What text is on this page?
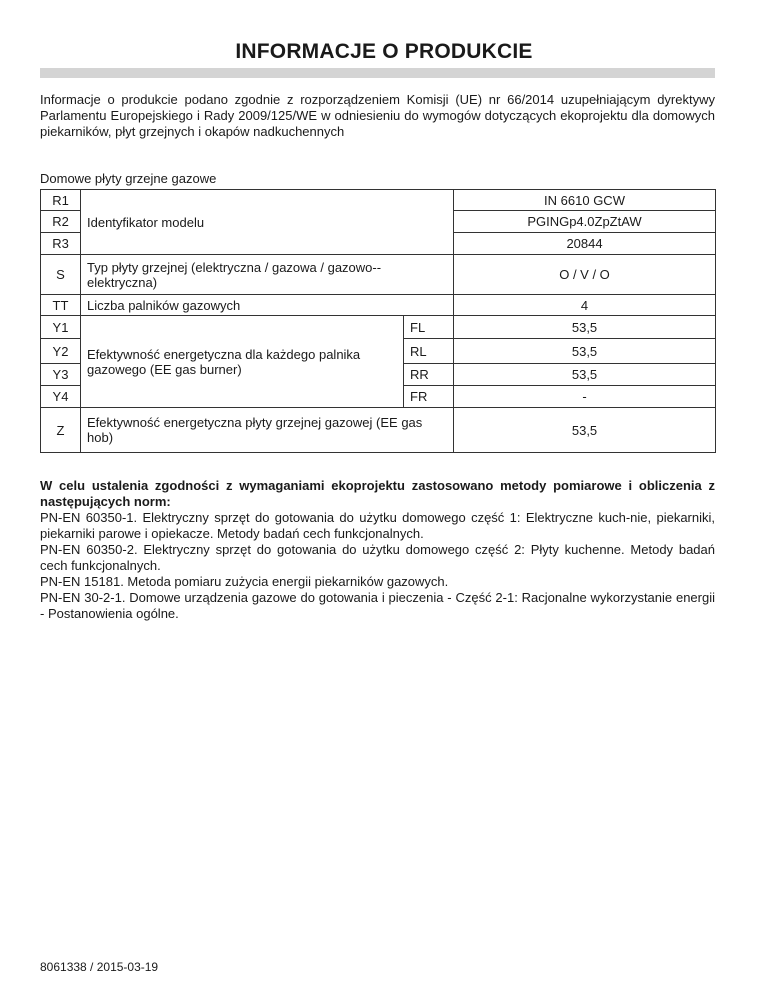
INFORMACJE O PRODUKCIE
Informacje o produkcie podano zgodnie z rozporządzeniem Komisji (UE) nr 66/2014 uzupełniającym dyrektywy Parlamentu Europejskiego i Rady 2009/125/WE w odniesieniu do wymogów dotyczących ekoprojektu dla domowych piekarników, płyt grzejnych i okapów nadkuchennych
Domowe płyty grzejne gazowe
R1	Identyfikator modelu		IN 6610 GCW
R2			PGINGp4.0ZpZtAW
R3			20844
S	Typ płyty grzejnej (elektryczna / gazowa / gazowo--elektryczna)		O / V / O
TT	Liczba palników gazowych		4
Y1	Efektywność energetyczna dla każdego palnika gazowego (EE gas burner)	FL	53,5
Y2		RL	53,5
Y3		RR	53,5
Y4		FR	-
Z	Efektywność energetyczna płyty grzejnej gazowej (EE gas hob)		53,5

W celu ustalenia zgodności z wymaganiami ekoprojektu zastosowano metody pomiarowe i obliczenia z następujących norm:

PN-EN 60350-1. Elektryczny sprzęt do gotowania do użytku domowego część 1: Elektryczne kuch-nie, piekarniki, piekarniki parowe i opiekacze. Metody badań cech funkcjonalnych.

PN-EN 60350-2. Elektryczny sprzęt do gotowania do użytku domowego część 2: Płyty kuchenne. Metody badań cech funkcjonalnych.

PN-EN 15181. Metoda pomiaru zużycia energii piekarników gazowych.

PN-EN 30-2-1. Domowe urządzenia gazowe do gotowania i pieczenia - Część 2-1: Racjonalne wykorzystanie energii - Postanowienia ogólne.

8061338 / 2015-03-19
